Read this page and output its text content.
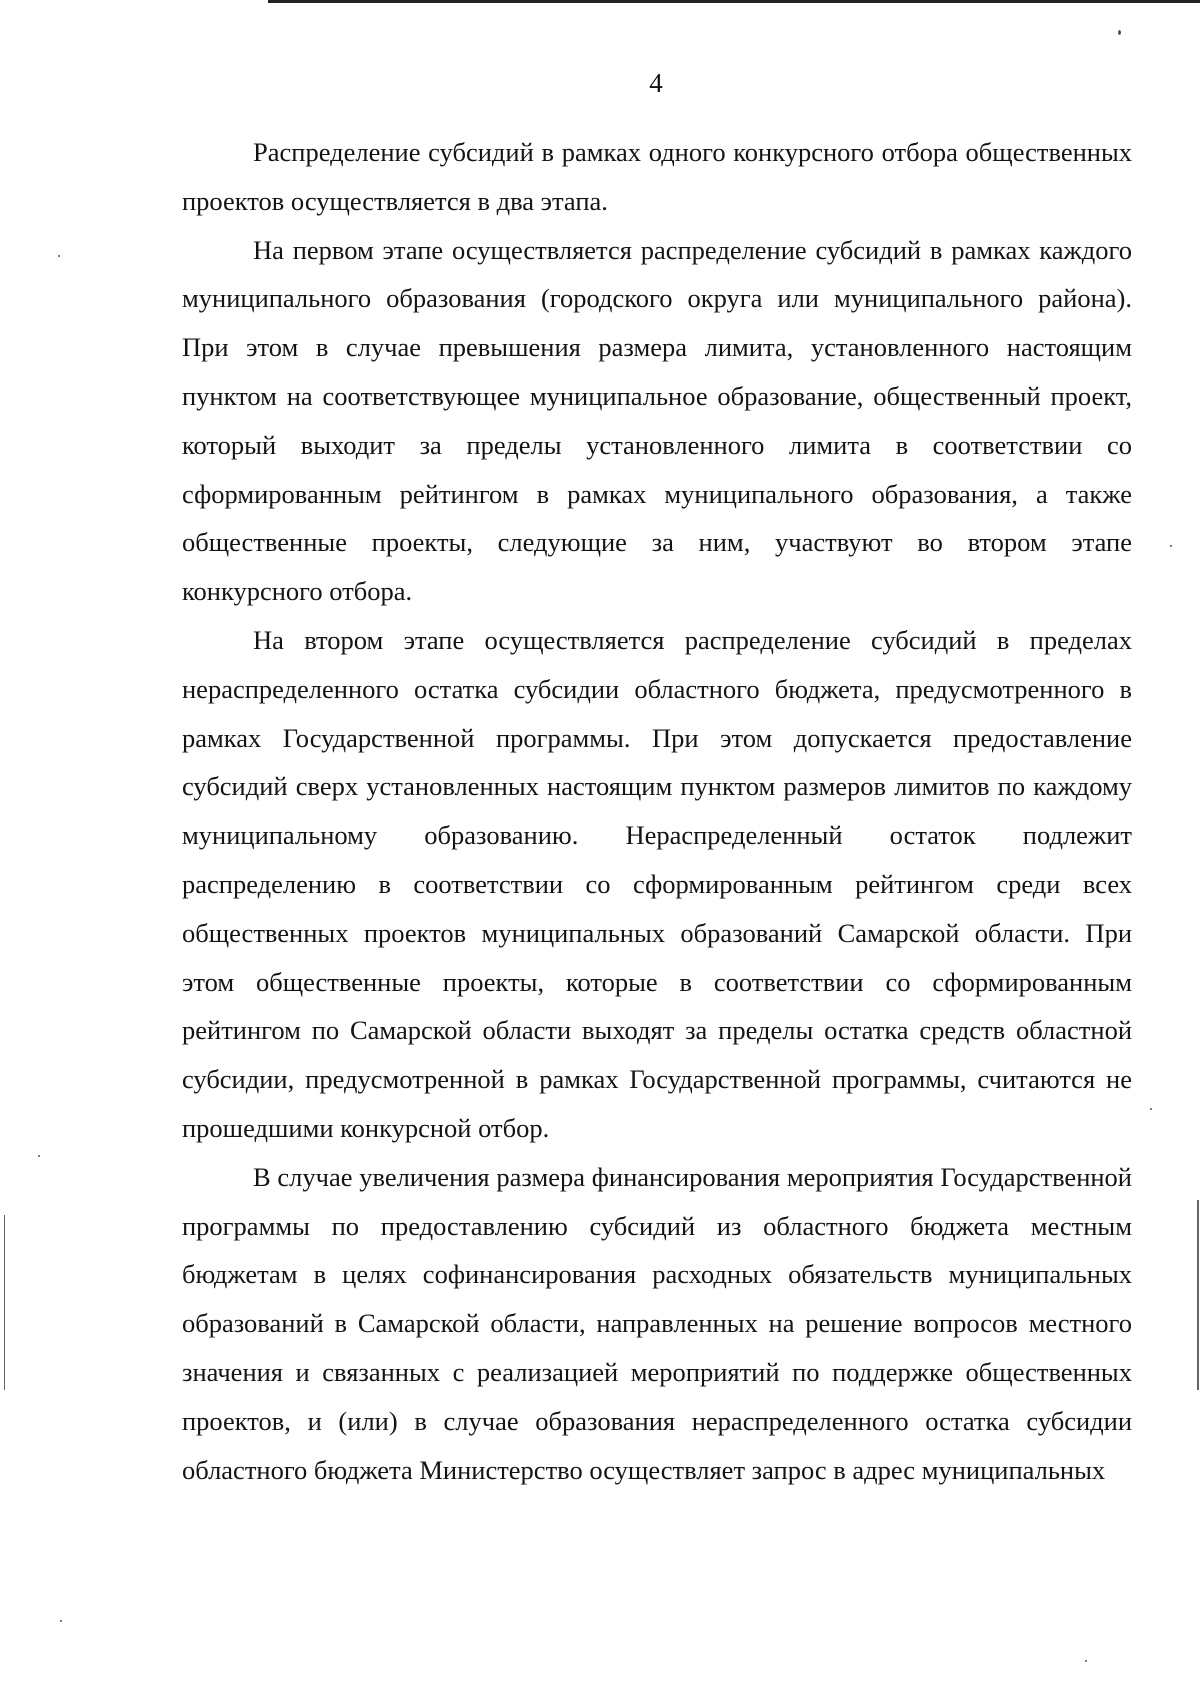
4

Распределение субсидий в рамках одного конкурсного отбора общественных проектов осуществляется в два этапа.

На первом этапе осуществляется распределение субсидий в рамках каждого муниципального образования (городского округа или муниципального района). При этом в случае превышения размера лимита, установленного настоящим пунктом на соответствующее муниципальное образование, общественный проект, который выходит за пределы установленного лимита в соответствии со сформированным рейтингом в рамках муниципального образования, а также общественные проекты, следующие за ним, участвуют во втором этапе конкурсного отбора.

На втором этапе осуществляется распределение субсидий в пределах нераспределенного остатка субсидии областного бюджета, предусмотренного в рамках Государственной программы. При этом допускается предоставление субсидий сверх установленных настоящим пунктом размеров лимитов по каждому муниципальному образованию. Нераспределенный остаток подлежит распределению в соответствии со сформированным рейтингом среди всех общественных проектов муниципальных образований Самарской области. При этом общественные проекты, которые в соответствии со сформированным рейтингом по Самарской области выходят за пределы остатка средств областной субсидии, предусмотренной в рамках Государственной программы, считаются не прошедшими конкурсной отбор.

В случае увеличения размера финансирования мероприятия Государственной программы по предоставлению субсидий из областного бюджета местным бюджетам в целях софинансирования расходных обязательств муниципальных образований в Самарской области, направленных на решение вопросов местного значения и связанных с реализацией мероприятий по поддержке общественных проектов, и (или) в случае образования нераспределенного остатка субсидии областного бюджета Министерство осуществляет запрос в адрес муниципальных
